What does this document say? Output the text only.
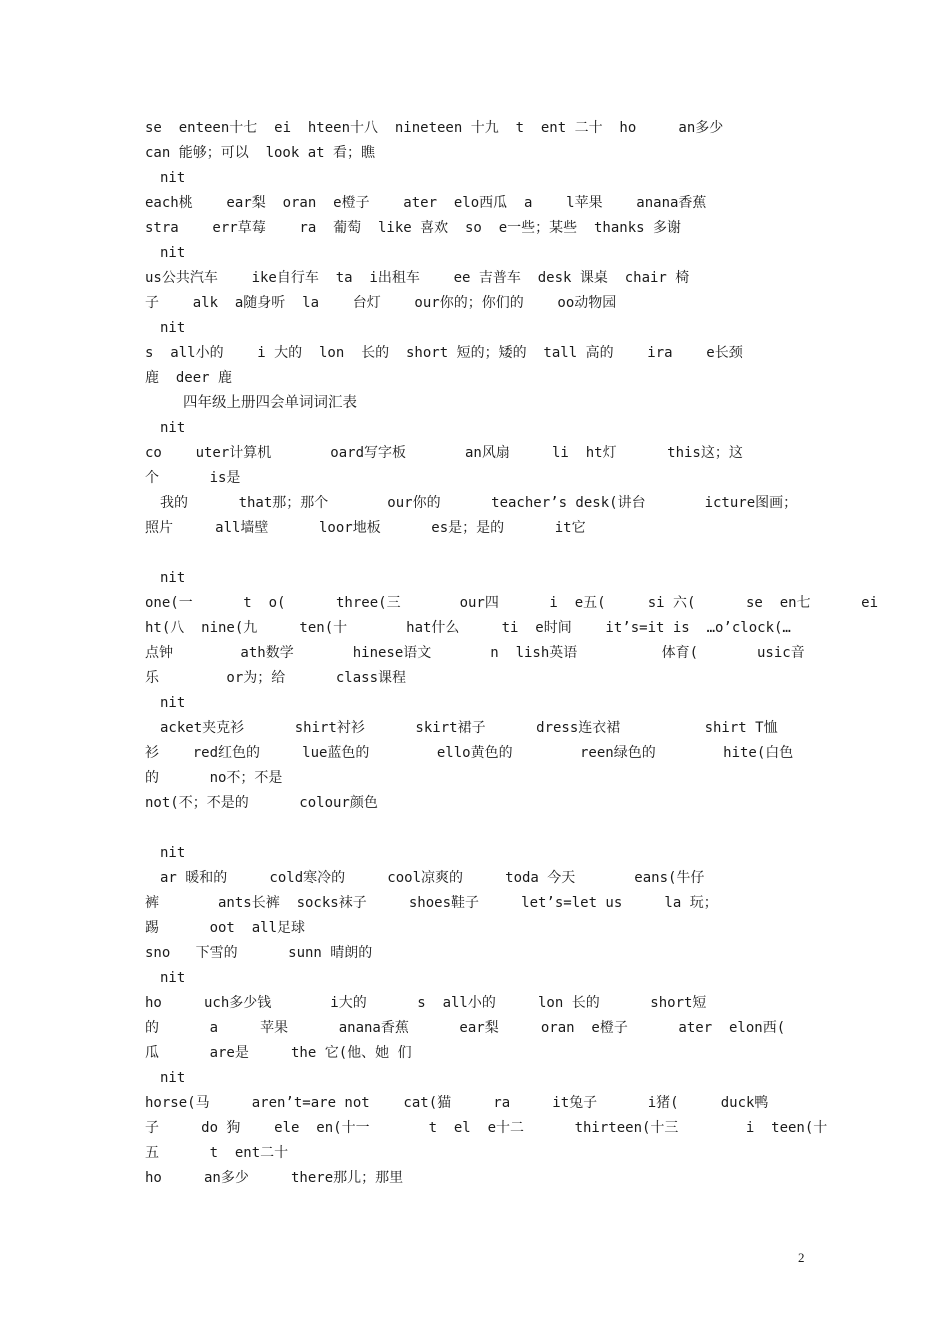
se  enteen十七  ei  hteen十八  nineteen 十九  t  ent 二十  ho     an多少
can 能够；可以  look at 看；瞧
nit
each桃    ear梨  oran  e橙子    ater  elo西瓜  a    l苹果    anana香蕉
stra    err草莓    ra  葡萄  like 喜欢  so  e一些；某些  thanks 多谢
nit
us公共汽车    ike自行车  ta  i出租车    ee 吉普车  desk 课桌  chair 椅
子    alk  a随身听  la    台灯    our你的；你们的    oo动物园
nit
s  all小的    i 大的  lon  长的  short 短的；矮的  tall 高的    ira    e长颈
鹿  deer 鹿
四年级上册四会单词词汇表
nit
co    uter计算机       oard写字板       an风扇     li  ht灯      this这；这
个      is是
我的      that那；那个       our你的      teacher’s desk(讲台       icture图画；
照片     all墙壁      loor地板      es是；是的      it它
nit
one(一      t  o(      three(三       our四      i  e五(     si 六(      se  en七      ei
ht(八  nine(九     ten(十       hat什么     ti  e时间    it’s=it is  …o’clock(…
点钟        ath数学       hinese语文       n  lish英语          体育(       usic音
乐        or为；给      class课程
nit
acket夹克衫      shirt衬衫      skirt裙子      dress连衣裙          shirt T恤
衫    red红色的     lue蓝色的        ello黄色的        reen绿色的        hite(白色
的      no不；不是
not(不；不是的      colour颜色
nit
ar 暖和的     cold寒冷的     cool凉爽的     toda 今天       eans(牛仔
裤       ants长裤  socks袜子     shoes鞋子     let’s=let us     la 玩；
踢      oot  all足球
sno   下雪的      sunn 晴朗的
nit
ho     uch多少钱       i大的      s  all小的     lon 长的      short短
的      a     苹果      anana香蕉      ear梨     oran  e橙子      ater  elon西(
瓜      are是     the 它(他、她 们
nit
horse(马     aren’t=are not    cat(猫     ra     it兔子      i猪(     duck鸭
子     do 狗    ele  en(十一       t  el  e十二      thirteen(十三        i  teen(十
五      t  ent二十
ho     an多少     there那儿；那里
2
